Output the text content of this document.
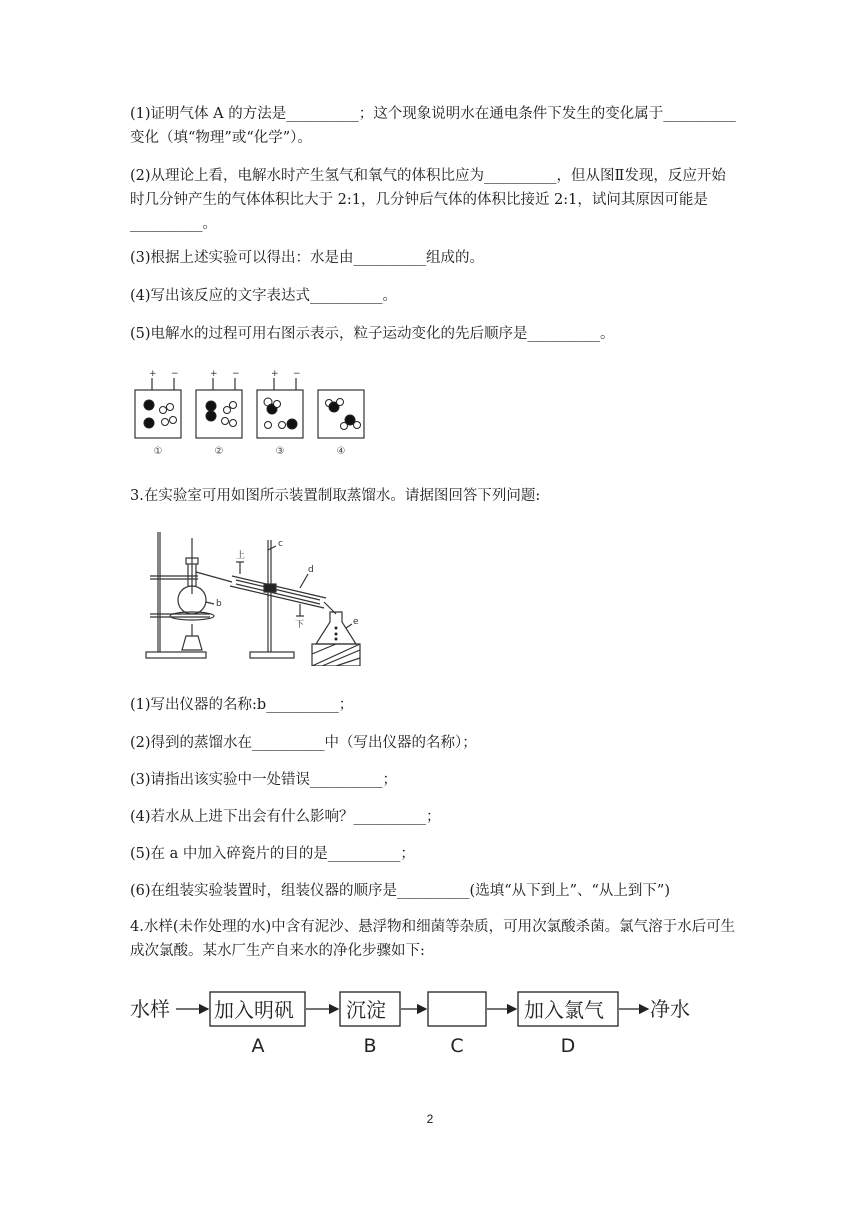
(1)证明气体 A 的方法是__________；这个现象说明水在通电条件下发生的变化属于__________变化（填“物理”或“化学”）。

(2)从理论上看，电解水时产生氢气和氧气的体积比应为__________，但从图Ⅱ发现，反应开始时几分钟产生的气体体积比大于 2:1，几分钟后气体的体积比接近 2:1，试问其原因可能是__________。

(3)根据上述实验可以得出：水是由__________组成的。

(4)写出该反应的文字表达式__________。

(5)电解水的过程可用右图示表示，粒子运动变化的先后顺序是__________。

+ −	+ −	+ −
①	②	③	④

3.在实验室可用如图所示装置制取蒸馏水。请据图回答下列问题:

b
c
d
e
上
下

(1)写出仪器的名称:b__________；

(2)得到的蒸馏水在__________中（写出仪器的名称）；

(3)请指出该实验中一处错误__________；

(4)若水从上进下出会有什么影响？__________；

(5)在 a 中加入碎瓷片的目的是__________；

(6)在组装实验装置时，组装仪器的顺序是__________(选填“从下到上”、“从上到下”)

4.水样(未作处理的水)中含有泥沙、悬浮物和细菌等杂质，可用次氯酸杀菌。氯气溶于水后可生成次氯酸。某水厂生产自来水的净化步骤如下:

水样	净水
加入明矾	沉淀	加入氯气
A	B	C	D
2
